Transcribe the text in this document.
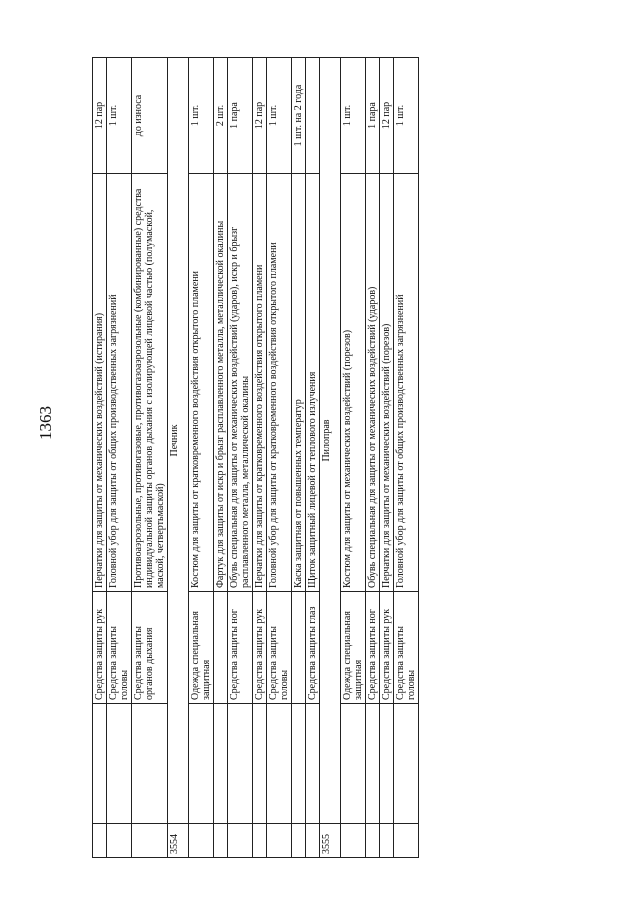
1363
		Средства защиты рук	Перчатки для защиты от механических воздействий (истирания)	12 пар
		Средства защиты головы	Головной убор для защиты от общих производственных загрязнений	1 шт.
		Средства защиты органов дыхания	Противоаэрозольные, противогазовые, противогазоаэрозольные (комбинированные) средства индивидуальной защиты органов дыхания с изолирующей лицевой частью (полумаской, маской, четвертьмаской)	до износа
3554	Печник			
		Одежда специальная защитная	Костюм для защиты от кратковременного воздействия открытого пламени	1 шт.
			Фартук для защиты от искр и брызг расплавленного металла, металлической окалины	2 шт.
		Средства защиты ног	Обувь специальная для защиты от механических воздействий (ударов), искр и брызг расплавленного металла, металлической окалины	1 пара
		Средства защиты рук	Перчатки для защиты от кратковременного воздействия открытого пламени	12 пар
		Средства защиты головы	Головной убор для защиты от кратковременного воздействия открытого пламени	1 шт.
			Каска защитная от повышенных температур	1 шт. на 2 года
		Средства защиты глаз	Щиток защитный лицевой от теплового излучения	
3555	Пилоправ			
		Одежда специальная защитная	Костюм для защиты от механических воздействий (порезов)	1 шт.
		Средства защиты ног	Обувь специальная для защиты от механических воздействий (ударов)	1 пара
		Средства защиты рук	Перчатки для защиты от механических воздействий (порезов)	12 пар
		Средства защиты головы	Головной убор для защиты от общих производственных загрязнений	1 шт.
